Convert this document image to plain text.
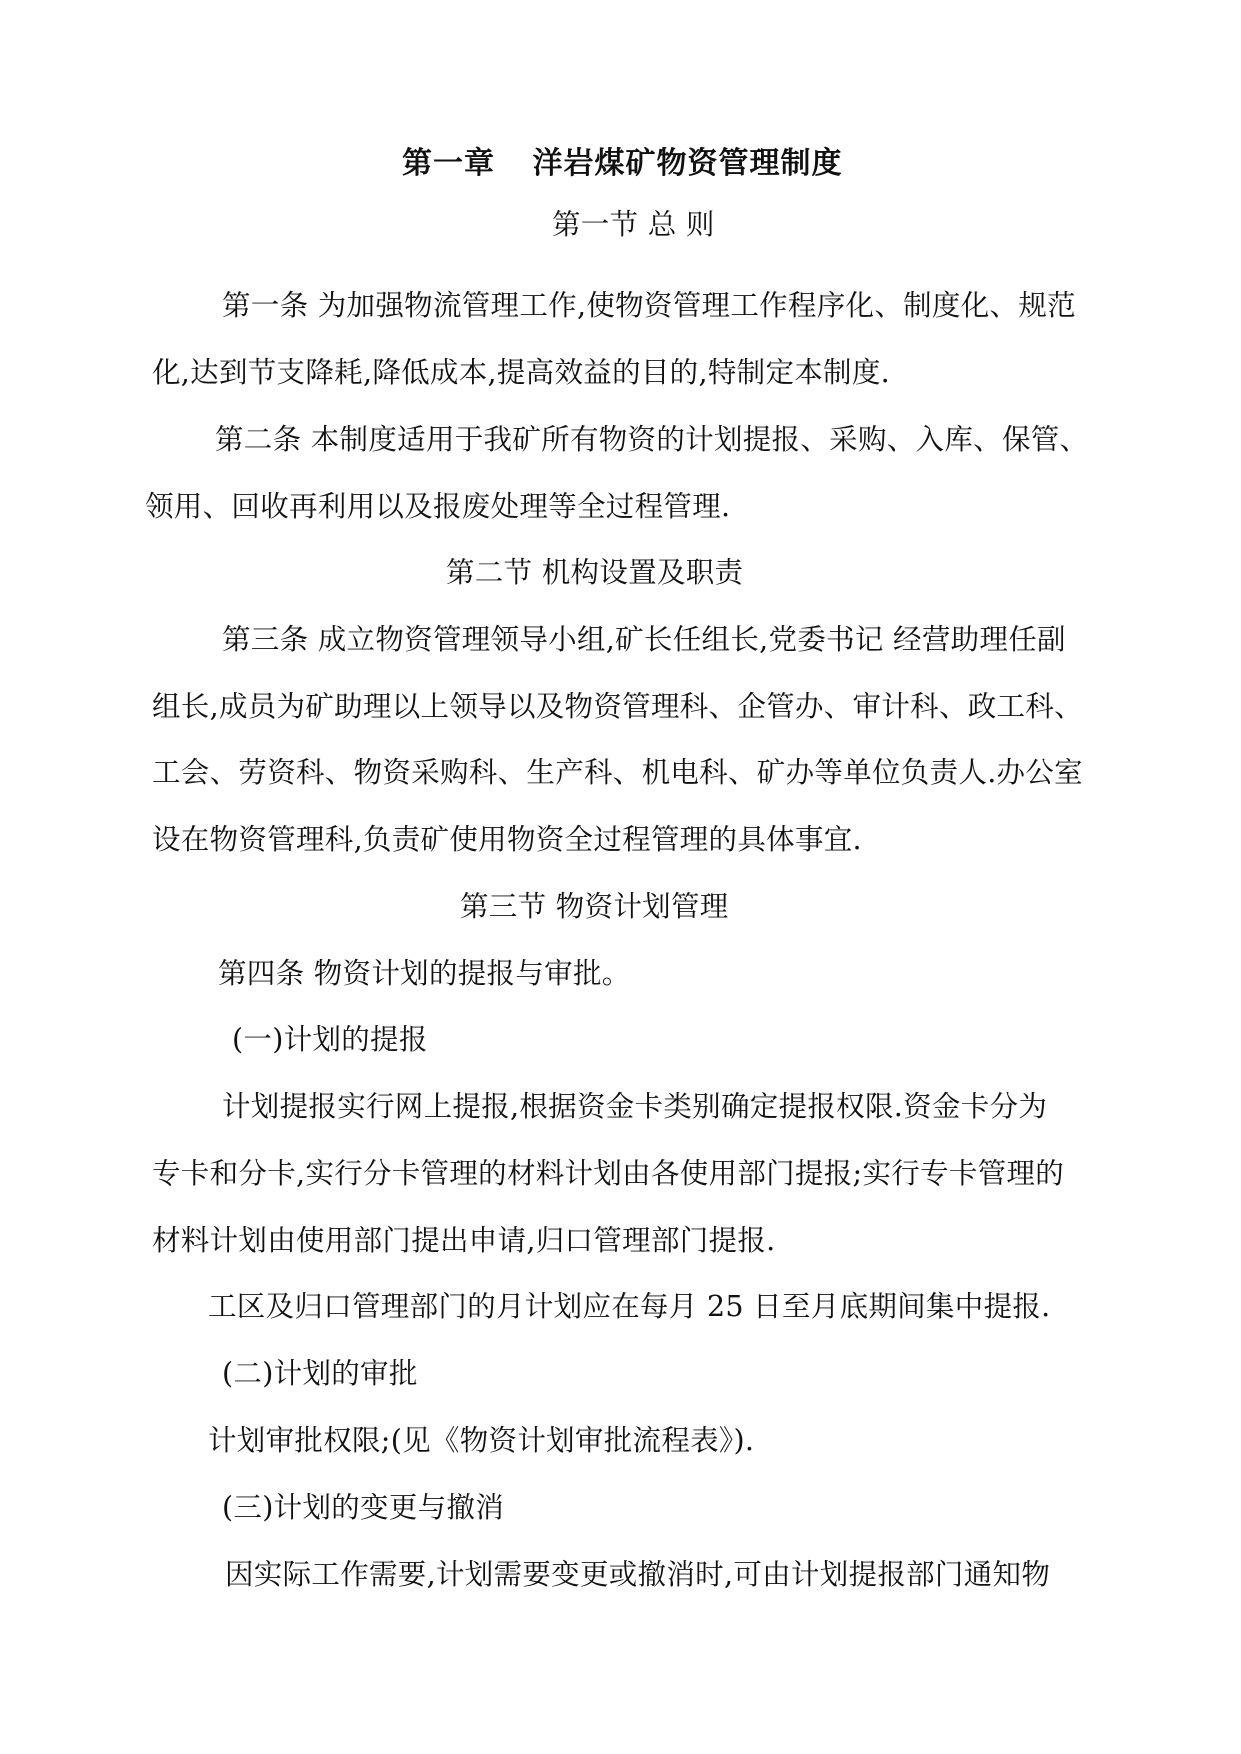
第一章 洋岩煤矿物资管理制度
第一节 总 则
第一条 为加强物流管理工作,使物资管理工作程序化、制度化、规范
化,达到节支降耗,降低成本,提高效益的目的,特制定本制度.
第二条 本制度适用于我矿所有物资的计划提报、采购、入库、保管、
领用、回收再利用以及报废处理等全过程管理.
第二节 机构设置及职责
第三条 成立物资管理领导小组,矿长任组长,党委书记 经营助理任副
组长,成员为矿助理以上领导以及物资管理科、企管办、审计科、政工科、
工会、劳资科、物资采购科、生产科、机电科、矿办等单位负责人.办公室
设在物资管理科,负责矿使用物资全过程管理的具体事宜.
第三节 物资计划管理
第四条 物资计划的提报与审批。
(一)计划的提报
计划提报实行网上提报,根据资金卡类别确定提报权限.资金卡分为
专卡和分卡,实行分卡管理的材料计划由各使用部门提报;实行专卡管理的
材料计划由使用部门提出申请,归口管理部门提报.
工区及归口管理部门的月计划应在每月 25 日至月底期间集中提报.
(二)计划的审批
计划审批权限;(见《物资计划审批流程表》).
(三)计划的变更与撤消
因实际工作需要,计划需要变更或撤消时,可由计划提报部门通知物
